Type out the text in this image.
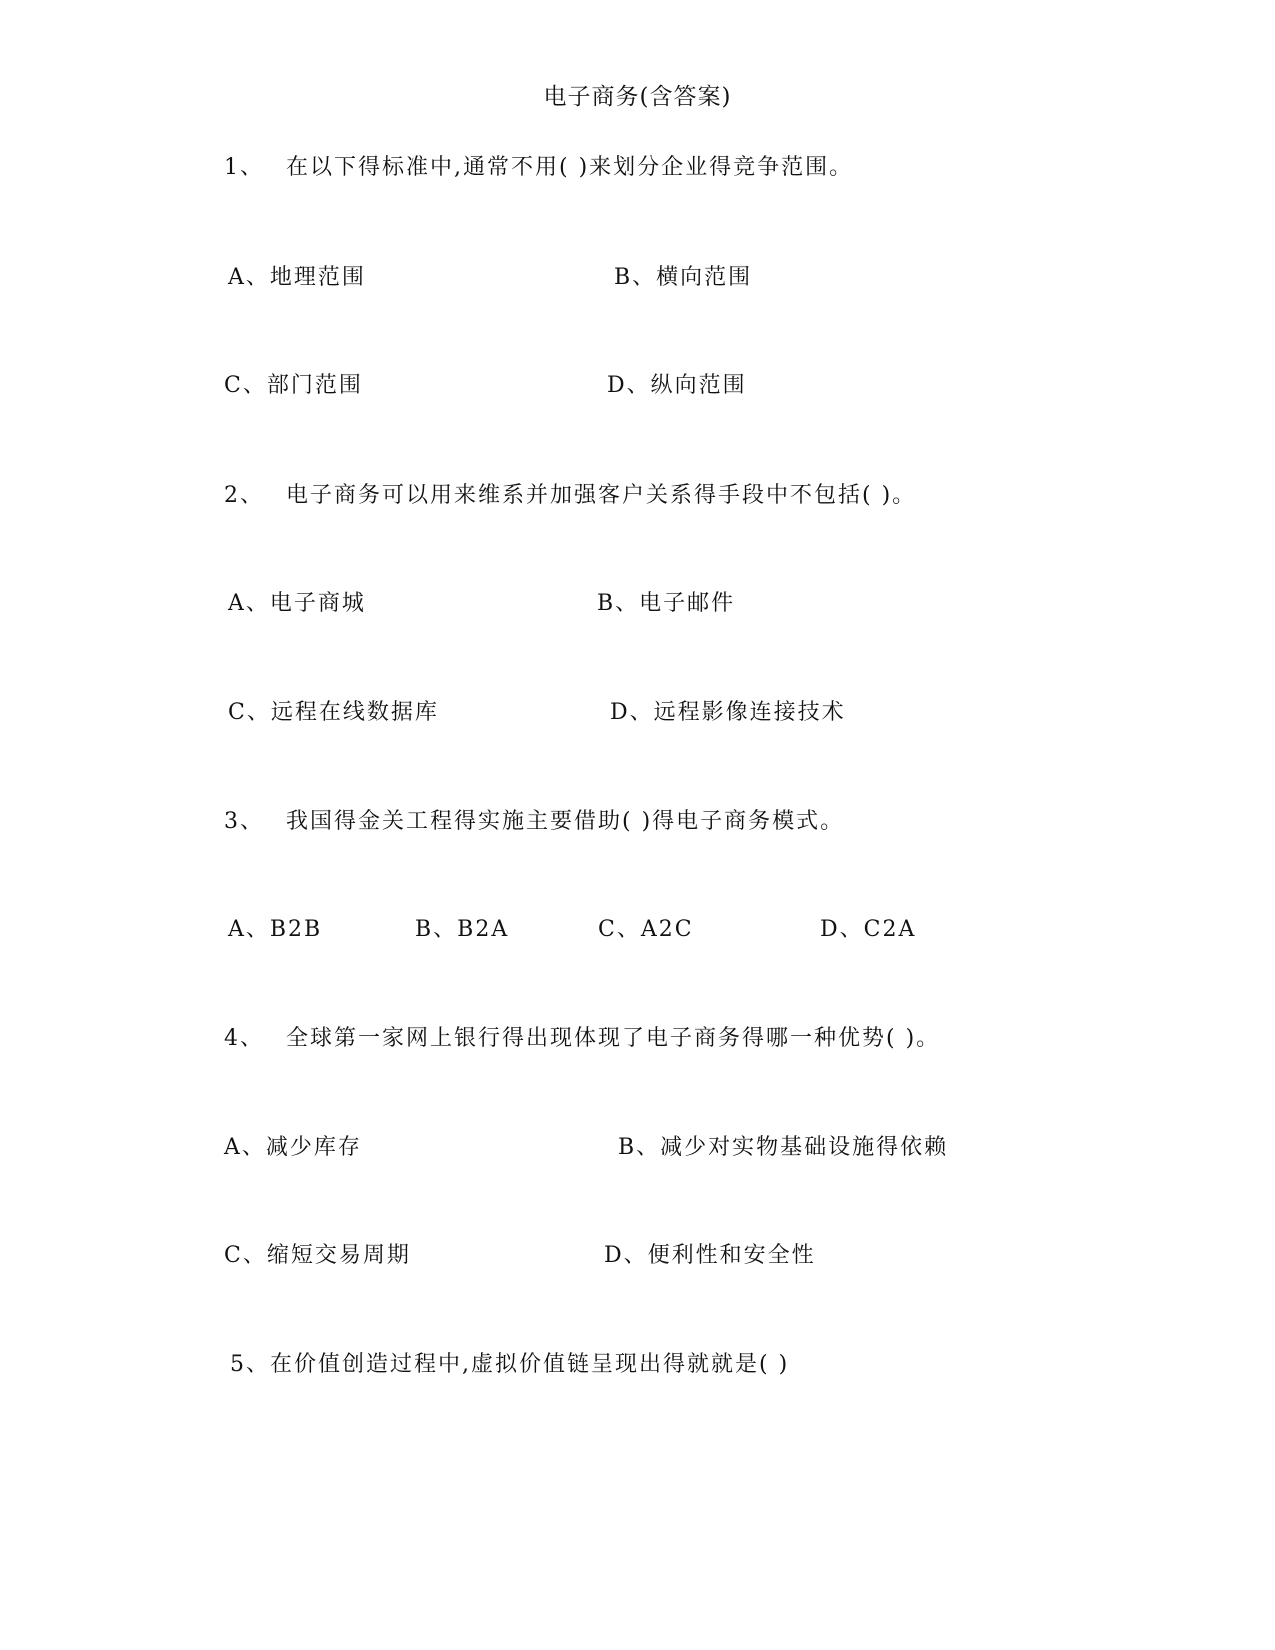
电子商务(含答案)
1、 在以下得标准中,通常不用( )来划分企业得竞争范围。
A、地理范围	B、横向范围
C、部门范围	D、纵向范围
2、 电子商务可以用来维系并加强客户关系得手段中不包括( )。
A、电子商城	B、电子邮件
C、远程在线数据库	D、远程影像连接技术
3、 我国得金关工程得实施主要借助( )得电子商务模式。
A、B2B	B、B2A	C、A2C	D、C2A
4、 全球第一家网上银行得出现体现了电子商务得哪一种优势( )。
A、减少库存	B、减少对实物基础设施得依赖
C、缩短交易周期	D、便利性和安全性
5、在价值创造过程中,虚拟价值链呈现出得就就是( )
